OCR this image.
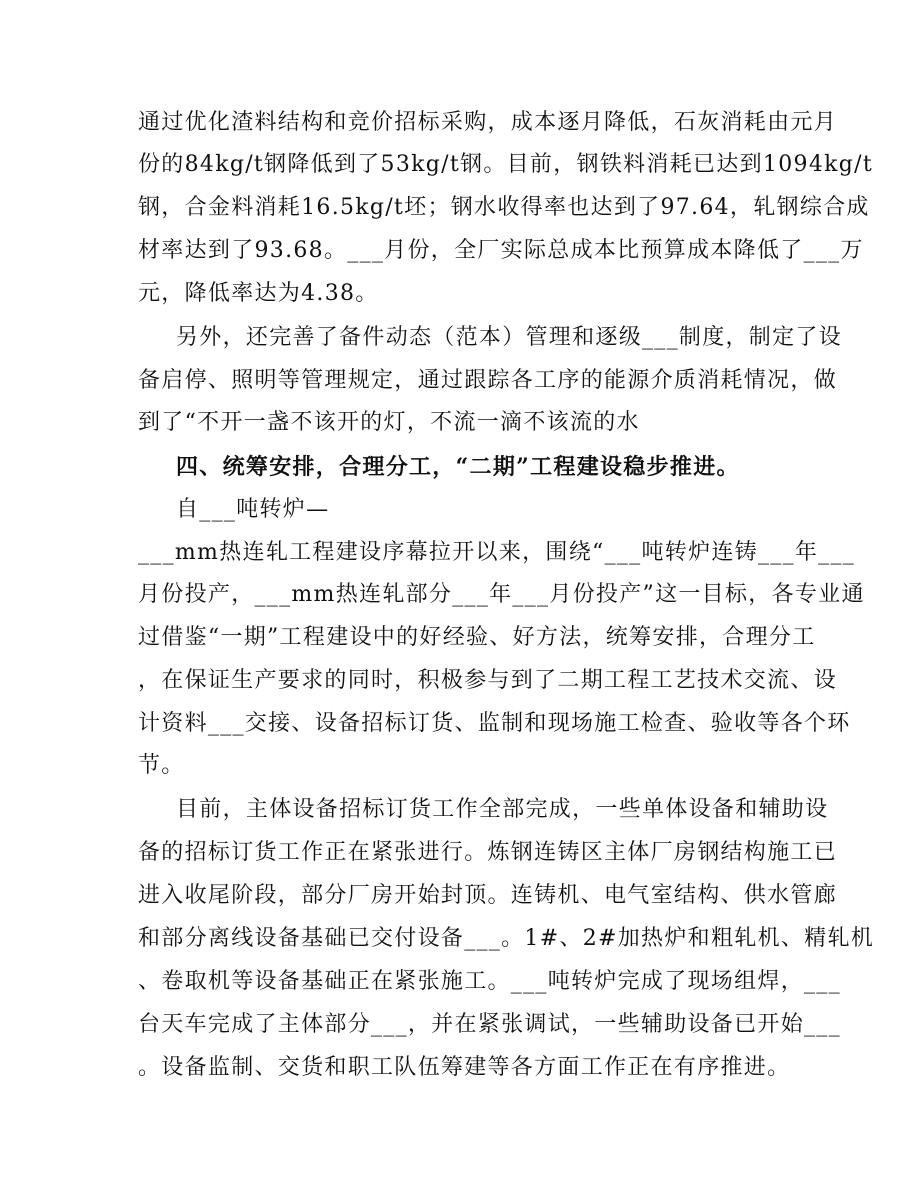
通过优化渣料结构和竞价招标采购，成本逐月降低，石灰消耗由元月
份的84kg/t钢降低到了53kg/t钢。目前，钢铁料消耗已达到1094kg/t
钢，合金料消耗16.5kg/t坯；钢水收得率也达到了97.64，轧钢综合成
材率达到了93.68。___月份，全厂实际总成本比预算成本降低了___万
元，降低率达为4.38。
另外，还完善了备件动态（范本）管理和逐级___制度，制定了设
备启停、照明等管理规定，通过跟踪各工序的能源介质消耗情况，做
到了“不开一盏不该开的灯，不流一滴不该流的水
四、统筹安排，合理分工，“二期”工程建设稳步推进。
自___吨转炉—
___mm热连轧工程建设序幕拉开以来，围绕“___吨转炉连铸___年___
月份投产，___mm热连轧部分___年___月份投产”这一目标，各专业通
过借鉴“一期”工程建设中的好经验、好方法，统筹安排，合理分工
，在保证生产要求的同时，积极参与到了二期工程工艺技术交流、设
计资料___交接、设备招标订货、监制和现场施工检查、验收等各个环
节。
目前，主体设备招标订货工作全部完成，一些单体设备和辅助设
备的招标订货工作正在紧张进行。炼钢连铸区主体厂房钢结构施工已
进入收尾阶段，部分厂房开始封顶。连铸机、电气室结构、供水管廊
和部分离线设备基础已交付设备___。1#、2#加热炉和粗轧机、精轧机
、卷取机等设备基础正在紧张施工。___吨转炉完成了现场组焊，___
台天车完成了主体部分___，并在紧张调试，一些辅助设备已开始___
。设备监制、交货和职工队伍筹建等各方面工作正在有序推进。
